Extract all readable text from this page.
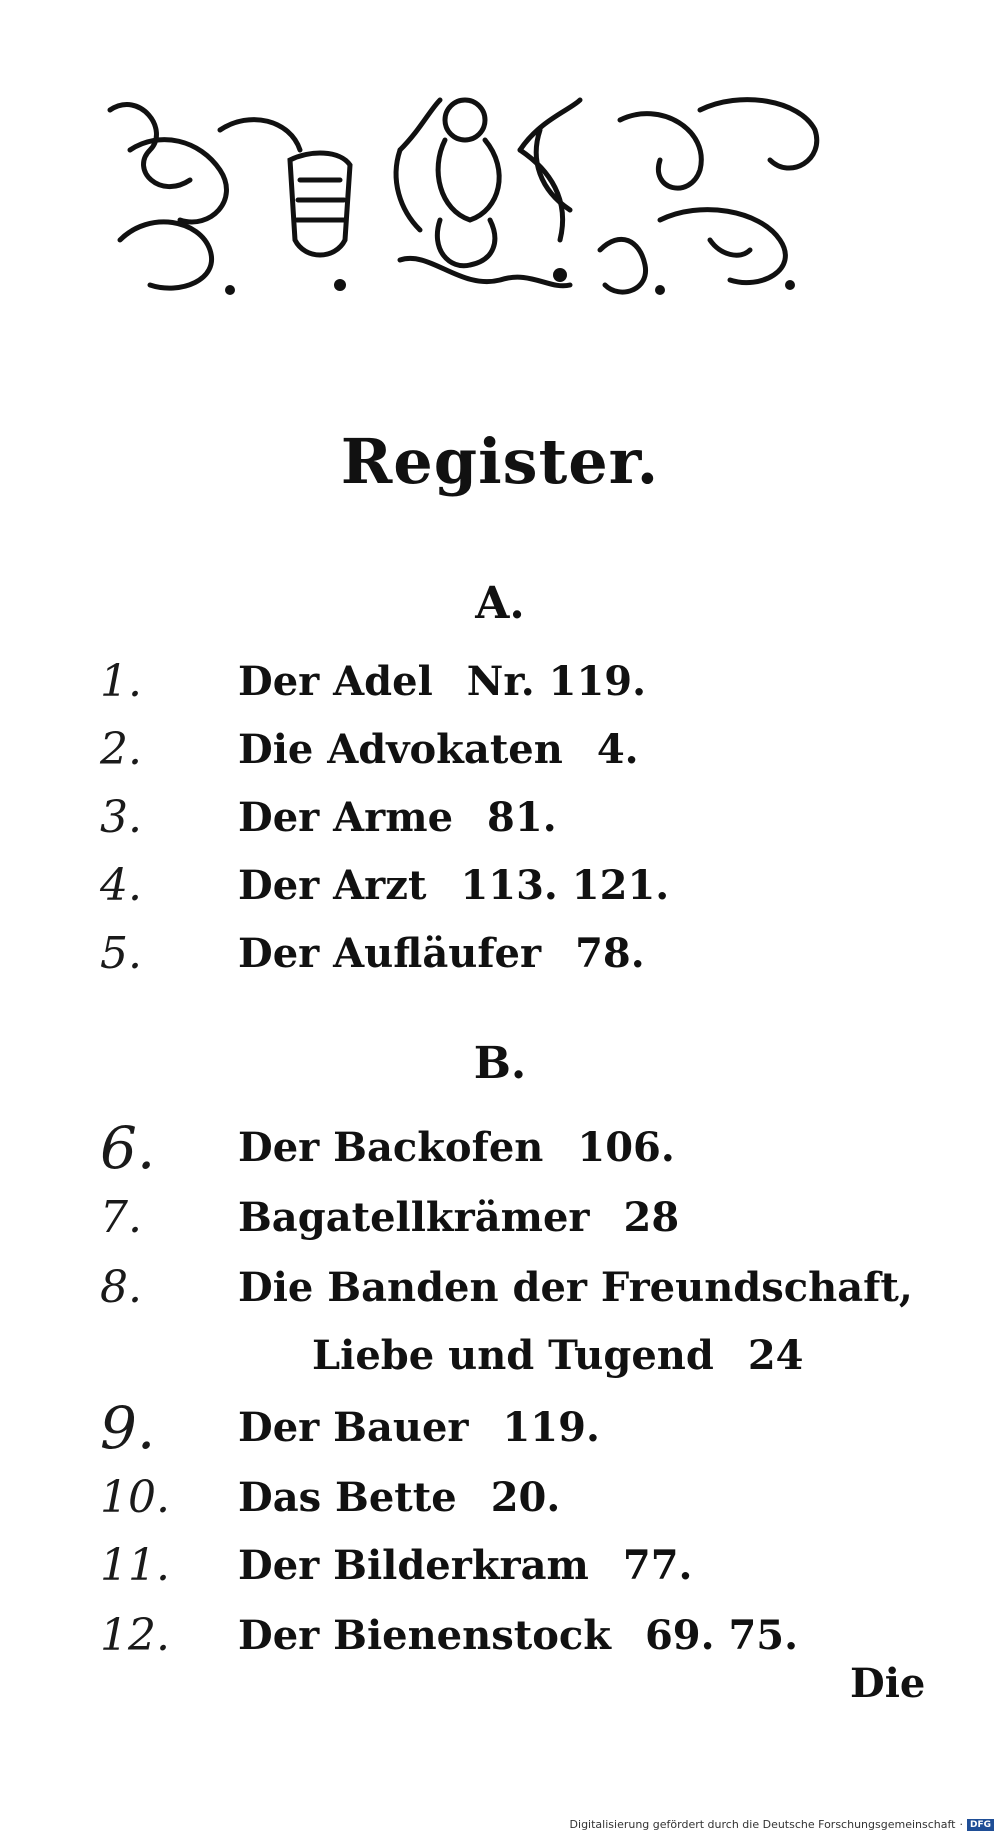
Register.
A.
1.	Der Adel Nr. 119.
2.	Die Advokaten 4.
3.	Der Arme 81.
4.	Der Arzt 113. 121.
5.	Der Aufläufer 78.
B.
6.	Der Backofen 106.
7.	Bagatellkrämer 28
8.	Die Banden der Freundschaft,
Liebe und Tugend 24
9.	Der Bauer 119.
10.	Das Bette 20.
11.	Der Bilderkram 77.
12.	Der Bienenstock 69. 75.
Die
Digitalisierung gefördert durch die Deutsche Forschungsgemeinschaft · DFG
